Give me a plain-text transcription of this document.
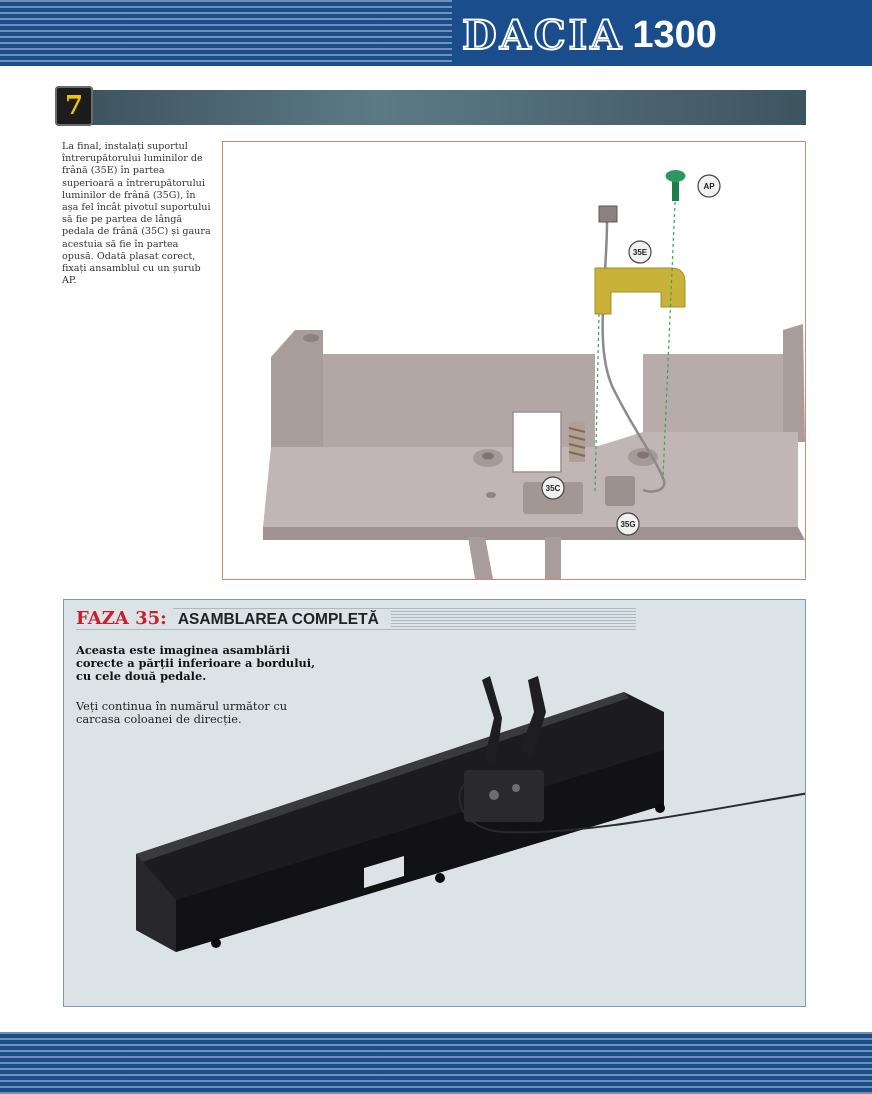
DACIA 1300
7
La final, instalați suportul întrerupătorului luminilor de frână (35E) în partea superioară a întrerupătorului luminilor de frână (35G), în așa fel încât pivotul suportului să fie pe partea de lângă pedala de frână (35C) și gaura acestuia să fie în partea opusă. Odată plasat corect, fixați ansamblul cu un șurub AP.
AP
35E
35C
35G
FAZA 35: ASAMBLAREA COMPLETĂ
Aceasta este imaginea asamblării corecte a părții inferioare a bordului, cu cele două pedale.
Veți continua în numărul următor cu carcasa coloanei de direcție.
